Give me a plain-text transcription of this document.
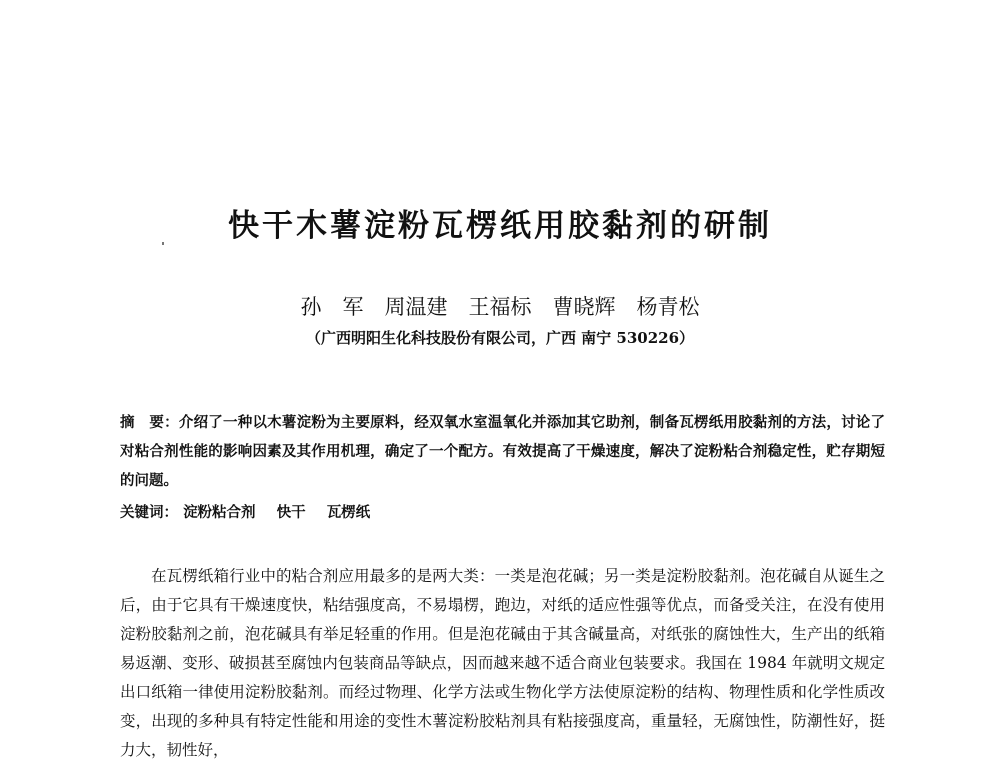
快干木薯淀粉瓦楞纸用胶黏剂的研制
孙　军　周温建　王福标　曹晓辉　杨青松
（广西明阳生化科技股份有限公司，广西 南宁 530226）
摘　要：介绍了一种以木薯淀粉为主要原料，经双氧水室温氧化并添加其它助剂，制备瓦楞纸用胶黏剂的方法，讨论了对粘合剂性能的影响因素及其作用机理，确定了一个配方。有效提高了干燥速度，解决了淀粉粘合剂稳定性，贮存期短的问题。
关键词： 淀粉粘合剂 快干 瓦楞纸

在瓦楞纸箱行业中的粘合剂应用最多的是两大类：一类是泡花碱；另一类是淀粉胶黏剂。泡花碱自从诞生之后，由于它具有干燥速度快，粘结强度高，不易塌楞，跑边，对纸的适应性强等优点，而备受关注，在没有使用淀粉胶黏剂之前，泡花碱具有举足轻重的作用。但是泡花碱由于其含碱量高，对纸张的腐蚀性大，生产出的纸箱易返潮、变形、破损甚至腐蚀内包装商品等缺点，因而越来越不适合商业包装要求。我国在 1984 年就明文规定出口纸箱一律使用淀粉胶黏剂。而经过物理、化学方法或生物化学方法使原淀粉的结构、物理性质和化学性质改变，出现的多种具有特定性能和用途的变性木薯淀粉胶粘剂具有粘接强度高，重量轻，无腐蚀性，防潮性好，挺力大，韧性好，
